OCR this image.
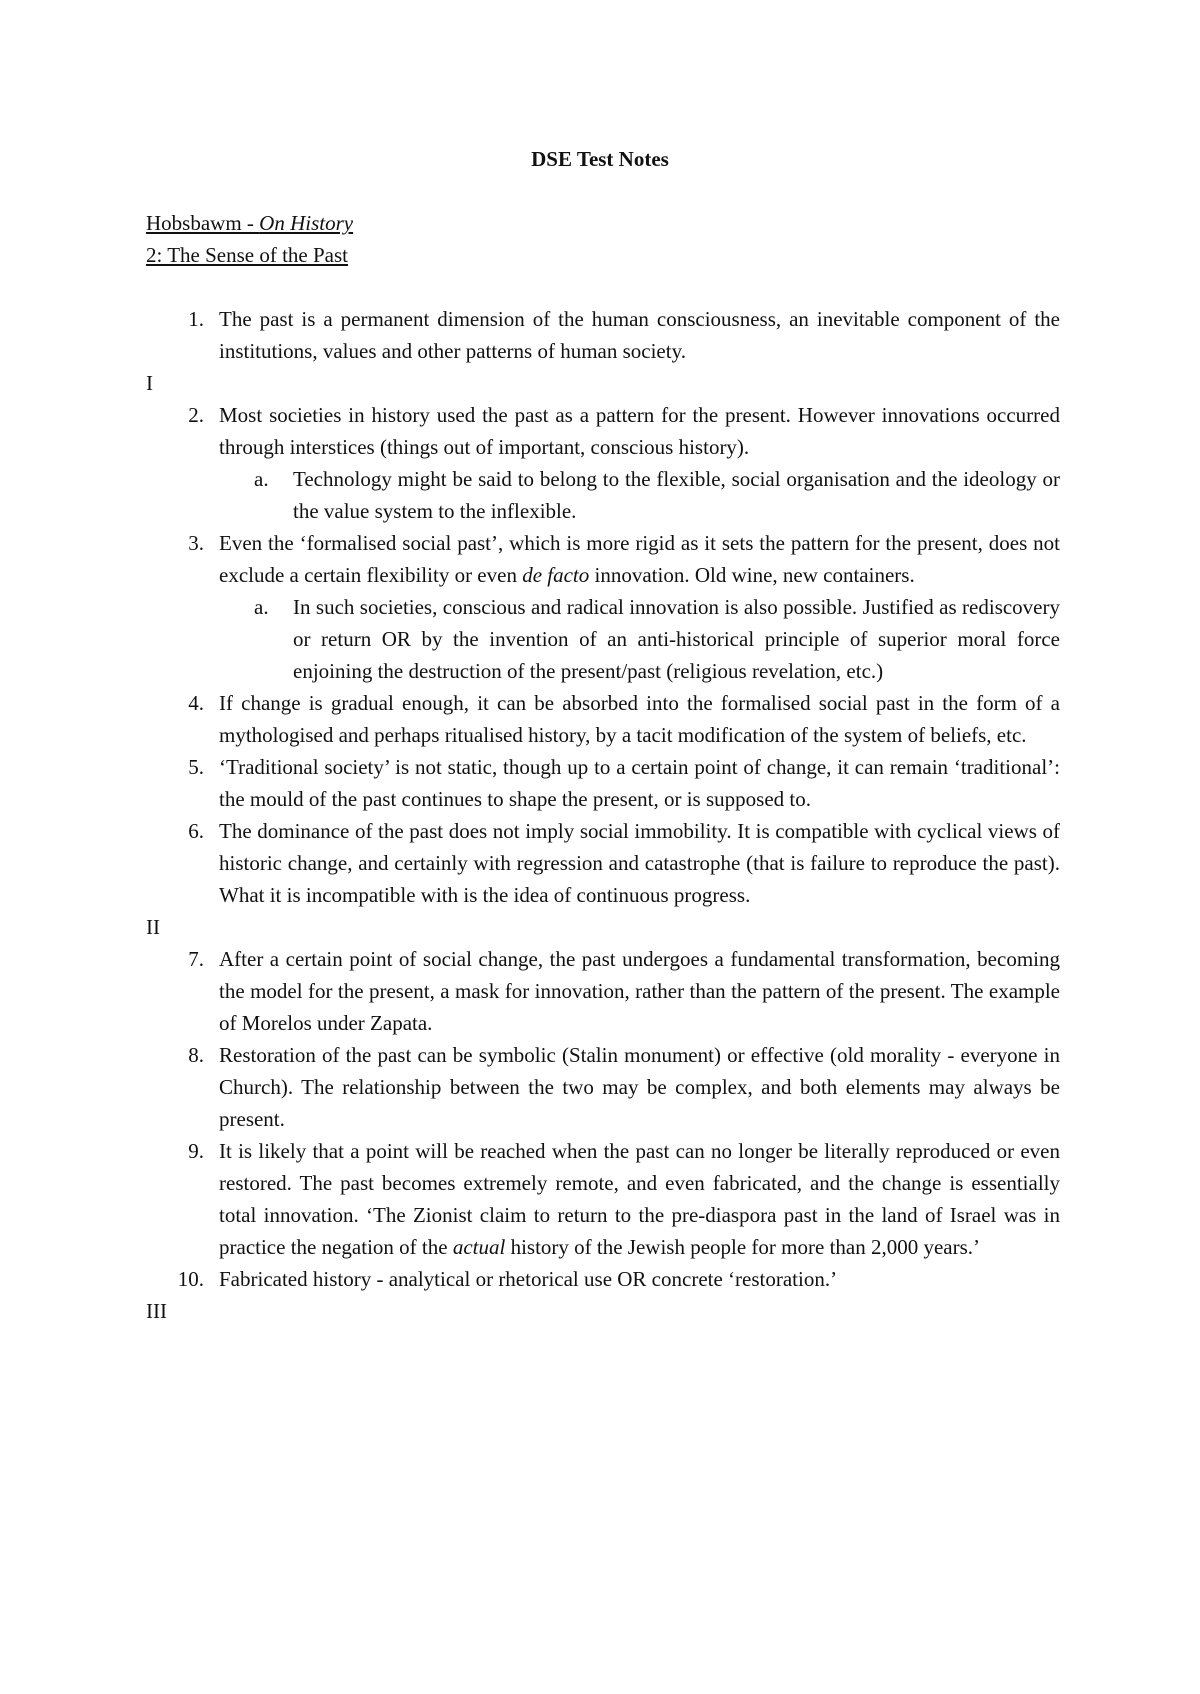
DSE Test Notes
Hobsbawm - On History
2: The Sense of the Past
1. The past is a permanent dimension of the human consciousness, an inevitable component of the institutions, values and other patterns of human society.
I
2. Most societies in history used the past as a pattern for the present. However innovations occurred through interstices (things out of important, conscious history).
a.	Technology might be said to belong to the flexible, social organisation and the ideology or the value system to the inflexible.
3. Even the ‘formalised social past’, which is more rigid as it sets the pattern for the present, does not exclude a certain flexibility or even de facto innovation. Old wine, new containers.
a.	In such societies, conscious and radical innovation is also possible. Justified as rediscovery or return OR by the invention of an anti-historical principle of superior moral force enjoining the destruction of the present/past (religious revelation, etc.)
4. If change is gradual enough, it can be absorbed into the formalised social past in the form of a mythologised and perhaps ritualised history, by a tacit modification of the system of beliefs, etc.
5. ‘Traditional society’ is not static, though up to a certain point of change, it can remain ‘traditional’: the mould of the past continues to shape the present, or is supposed to.
6. The dominance of the past does not imply social immobility. It is compatible with cyclical views of historic change, and certainly with regression and catastrophe (that is failure to reproduce the past). What it is incompatible with is the idea of continuous progress.
II
7. After a certain point of social change, the past undergoes a fundamental transformation, becoming the model for the present, a mask for innovation, rather than the pattern of the present. The example of Morelos under Zapata.
8. Restoration of the past can be symbolic (Stalin monument) or effective (old morality - everyone in Church). The relationship between the two may be complex, and both elements may always be present.
9. It is likely that a point will be reached when the past can no longer be literally reproduced or even restored. The past becomes extremely remote, and even fabricated, and the change is essentially total innovation. ‘The Zionist claim to return to the pre-diaspora past in the land of Israel was in practice the negation of the actual history of the Jewish people for more than 2,000 years.’
10. Fabricated history - analytical or rhetorical use OR concrete ‘restoration.’
III
